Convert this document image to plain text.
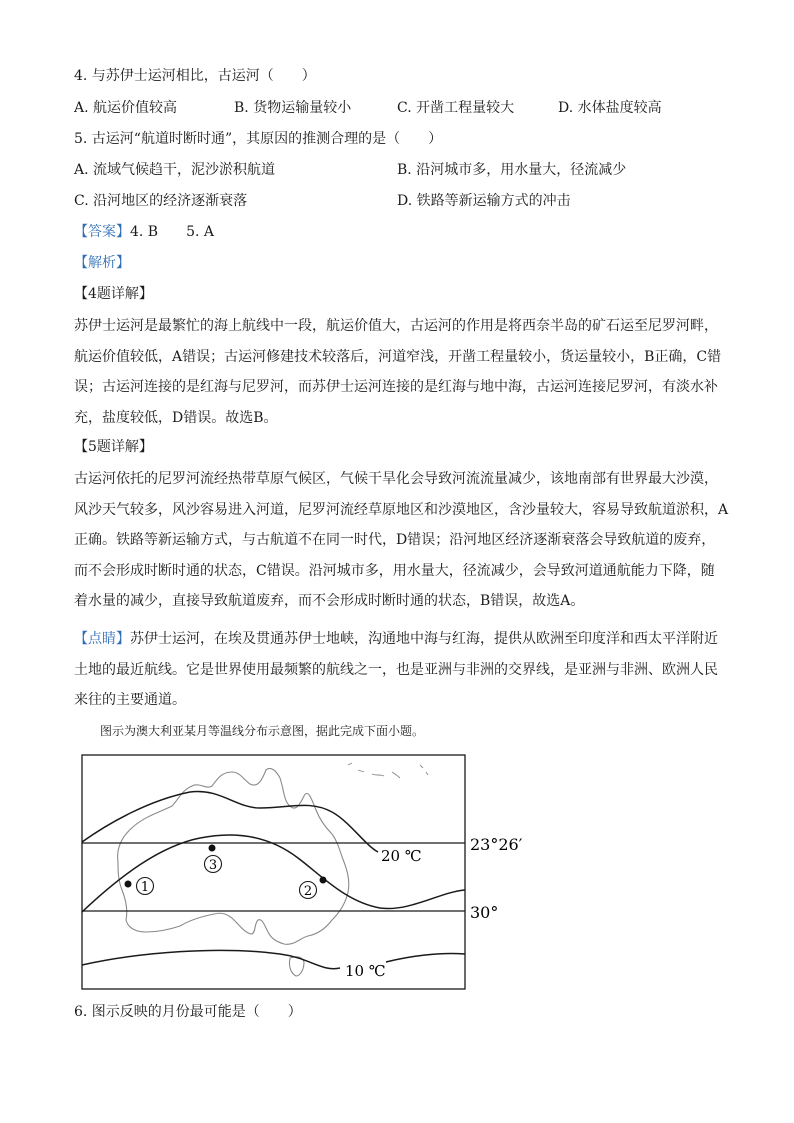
4. 与苏伊士运河相比，古运河（　　）
A. 航运价值较高	B. 货物运输量较小	C. 开凿工程量较大	D. 水体盐度较高
5. 古运河“航道时断时通”，其原因的推测合理的是（　　）
A. 流域气候趋干，泥沙淤积航道	B. 沿河城市多，用水量大，径流减少
C. 沿河地区的经济逐渐衰落	D. 铁路等新运输方式的冲击
【答案】4. B　　5. A
【解析】
【4题详解】
苏伊士运河是最繁忙的海上航线中一段，航运价值大，古运河的作用是将西奈半岛的矿石运至尼罗河畔，
航运价值较低，A错误；古运河修建技术较落后，河道窄浅，开凿工程量较小，货运量较小，B正确，C错
误；古运河连接的是红海与尼罗河，而苏伊士运河连接的是红海与地中海，古运河连接尼罗河，有淡水补
充，盐度较低，D错误。故选B。
【5题详解】
古运河依托的尼罗河流经热带草原气候区，气候干旱化会导致河流流量减少，该地南部有世界最大沙漠，
风沙天气较多，风沙容易进入河道，尼罗河流经草原地区和沙漠地区，含沙量较大，容易导致航道淤积，A
正确。铁路等新运输方式，与古航道不在同一时代，D错误；沿河地区经济逐渐衰落会导致航道的废弃，
而不会形成时断时通的状态，C错误。沿河城市多，用水量大，径流减少，会导致河道通航能力下降，随
着水量的减少，直接导致航道废弃，而不会形成时断时通的状态，B错误，故选A。
【点睛】苏伊士运河，在埃及贯通苏伊士地峡，沟通地中海与红海，提供从欧洲至印度洋和西太平洋附近
土地的最近航线。它是世界使用最频繁的航线之一，也是亚洲与非洲的交界线，是亚洲与非洲、欧洲人民
来往的主要通道。
图示为澳大利亚某月等温线分布示意图，据此完成下面小题。
3
1	2
20 ℃
10 ℃
23°26′
30°
6. 图示反映的月份最可能是（　　）
